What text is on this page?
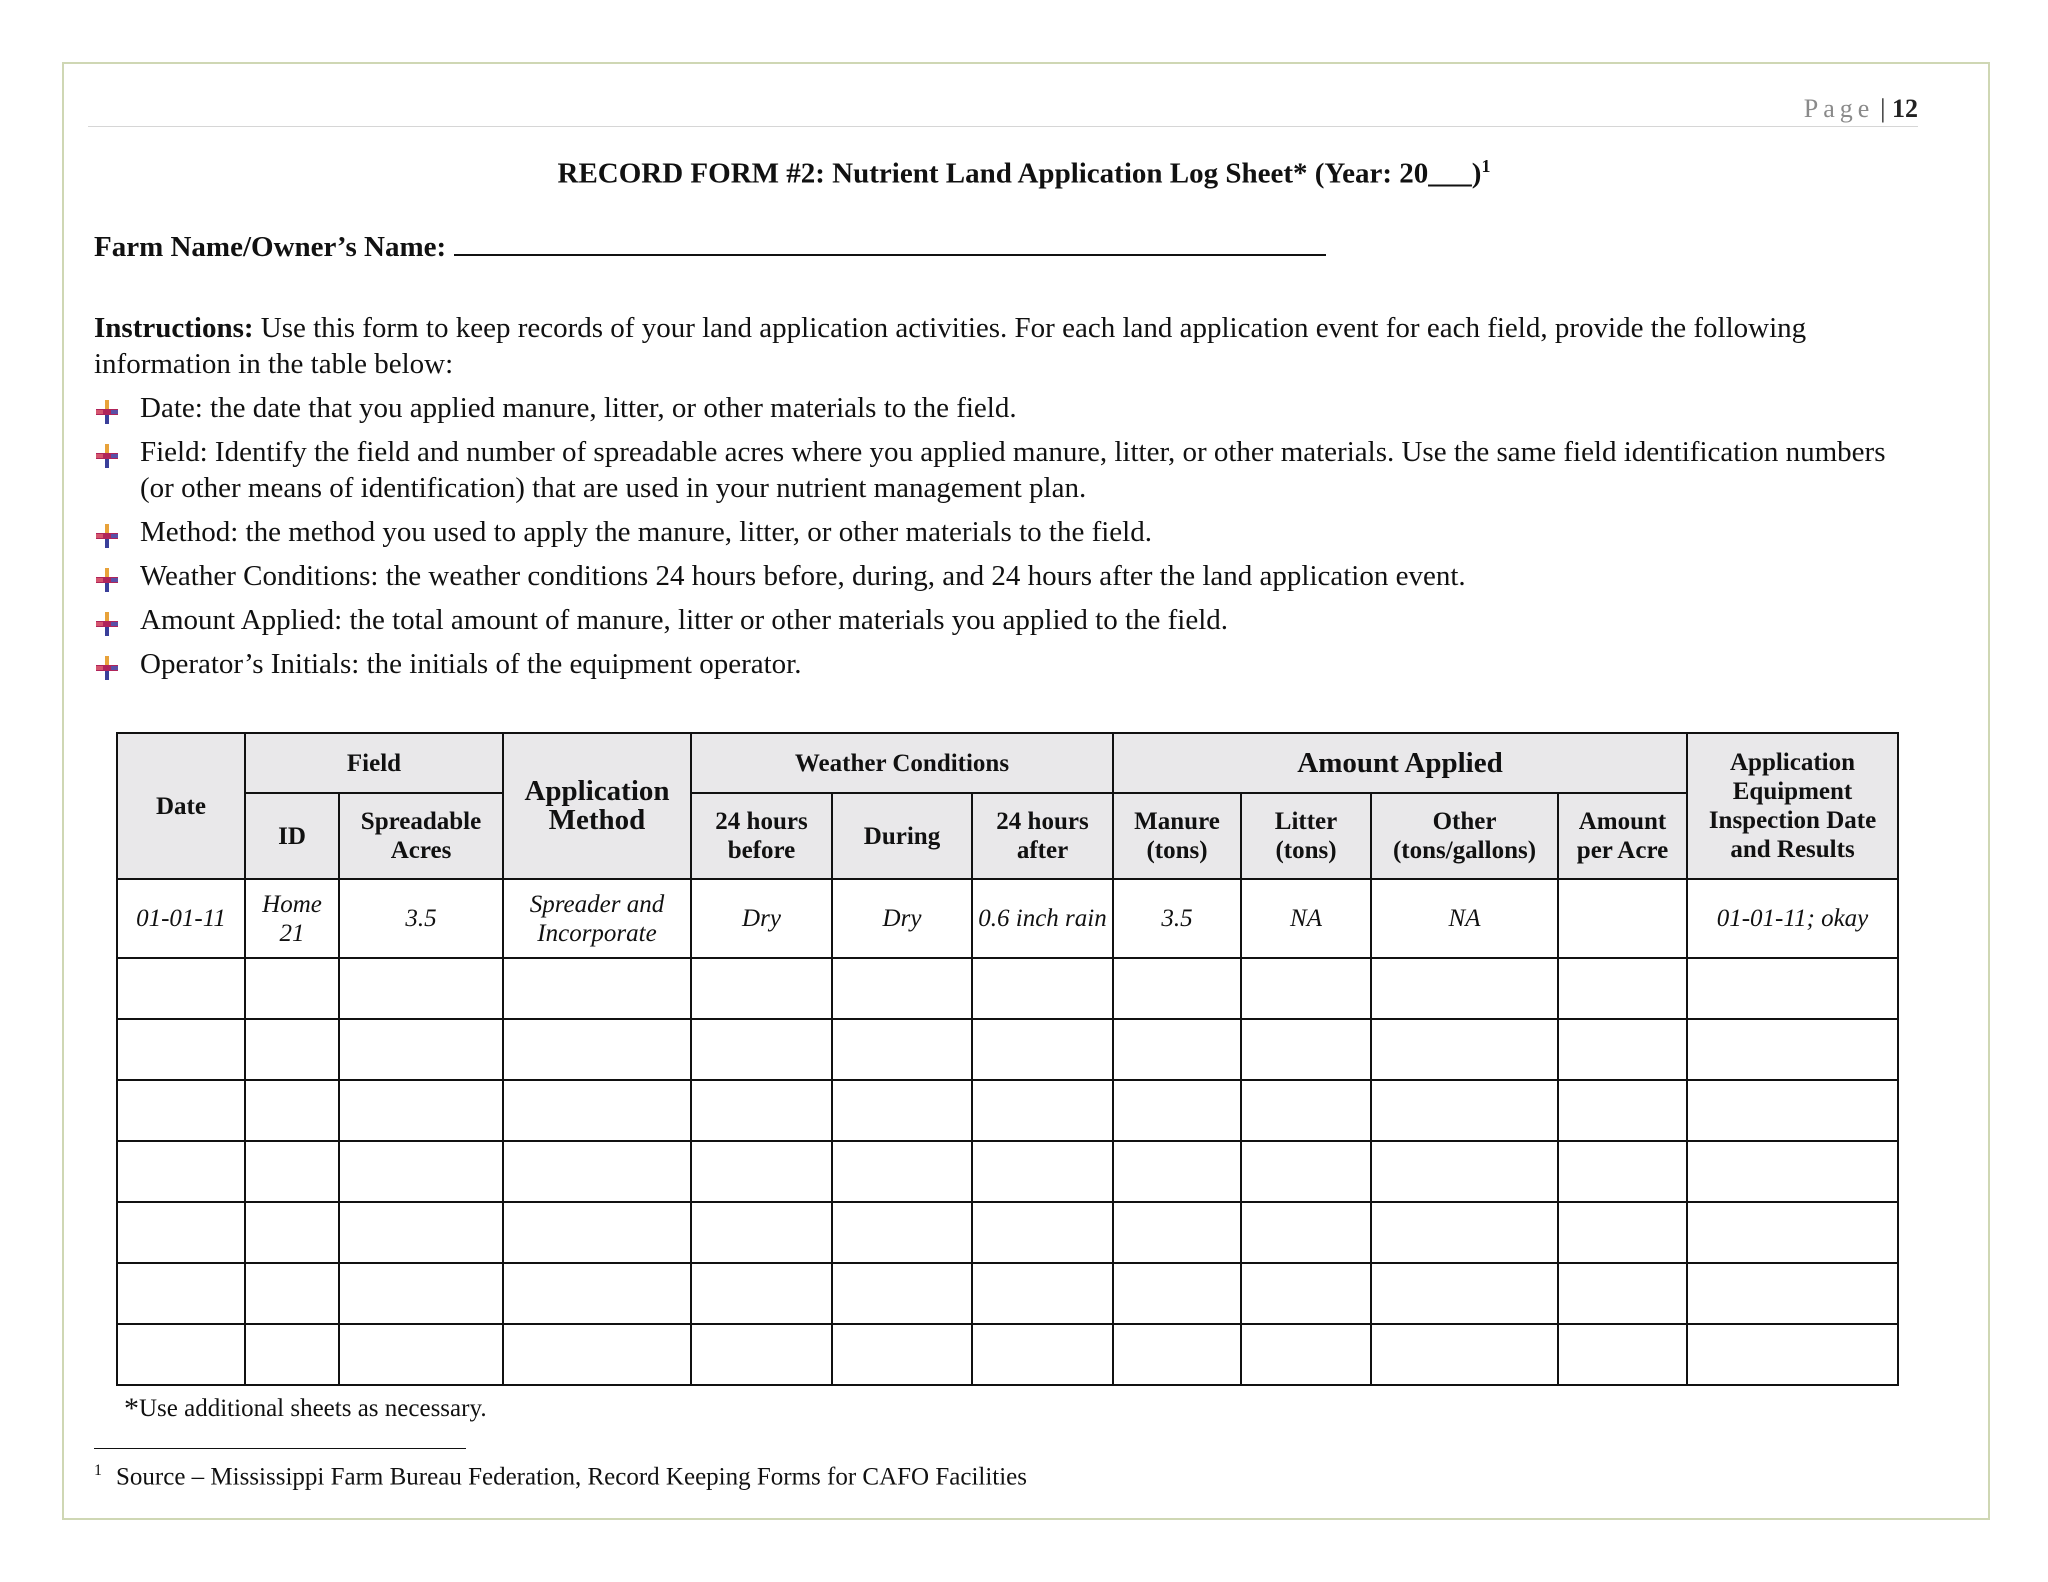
Page | 12
RECORD FORM #2: Nutrient Land Application Log Sheet* (Year: 20___)$^1$
Farm Name/Owner’s Name:
Instructions: Use this form to keep records of your land application activities. For each land application event for each field, provide the following information in the table below:
Date: the date that you applied manure, litter, or other materials to the field.
Field: Identify the field and number of spreadable acres where you applied manure, litter, or other materials. Use the same field identification numbers (or other means of identification) that are used in your nutrient management plan.
Method: the method you used to apply the manure, litter, or other materials to the field.
Weather Conditions: the weather conditions 24 hours before, during, and 24 hours after the land application event.
Amount Applied: the total amount of manure, litter or other materials you applied to the field.
Operator’s Initials: the initials of the equipment operator.
Date	Field		Application Method	Weather Conditions			Amount Applied				Application Equipment Inspection Date and Results
	ID	Spreadable Acres		24 hours before	During	24 hours after	Manure (tons)	Litter (tons)	Other (tons/gallons)	Amount per Acre	
01-01-11	Home 21	3.5	Spreader and Incorporate	Dry	Dry	0.6 inch rain	3.5	NA	NA		01-01-11; okay

*Use additional sheets as necessary.
$^1$ Source – Mississippi Farm Bureau Federation, Record Keeping Forms for CAFO Facilities
